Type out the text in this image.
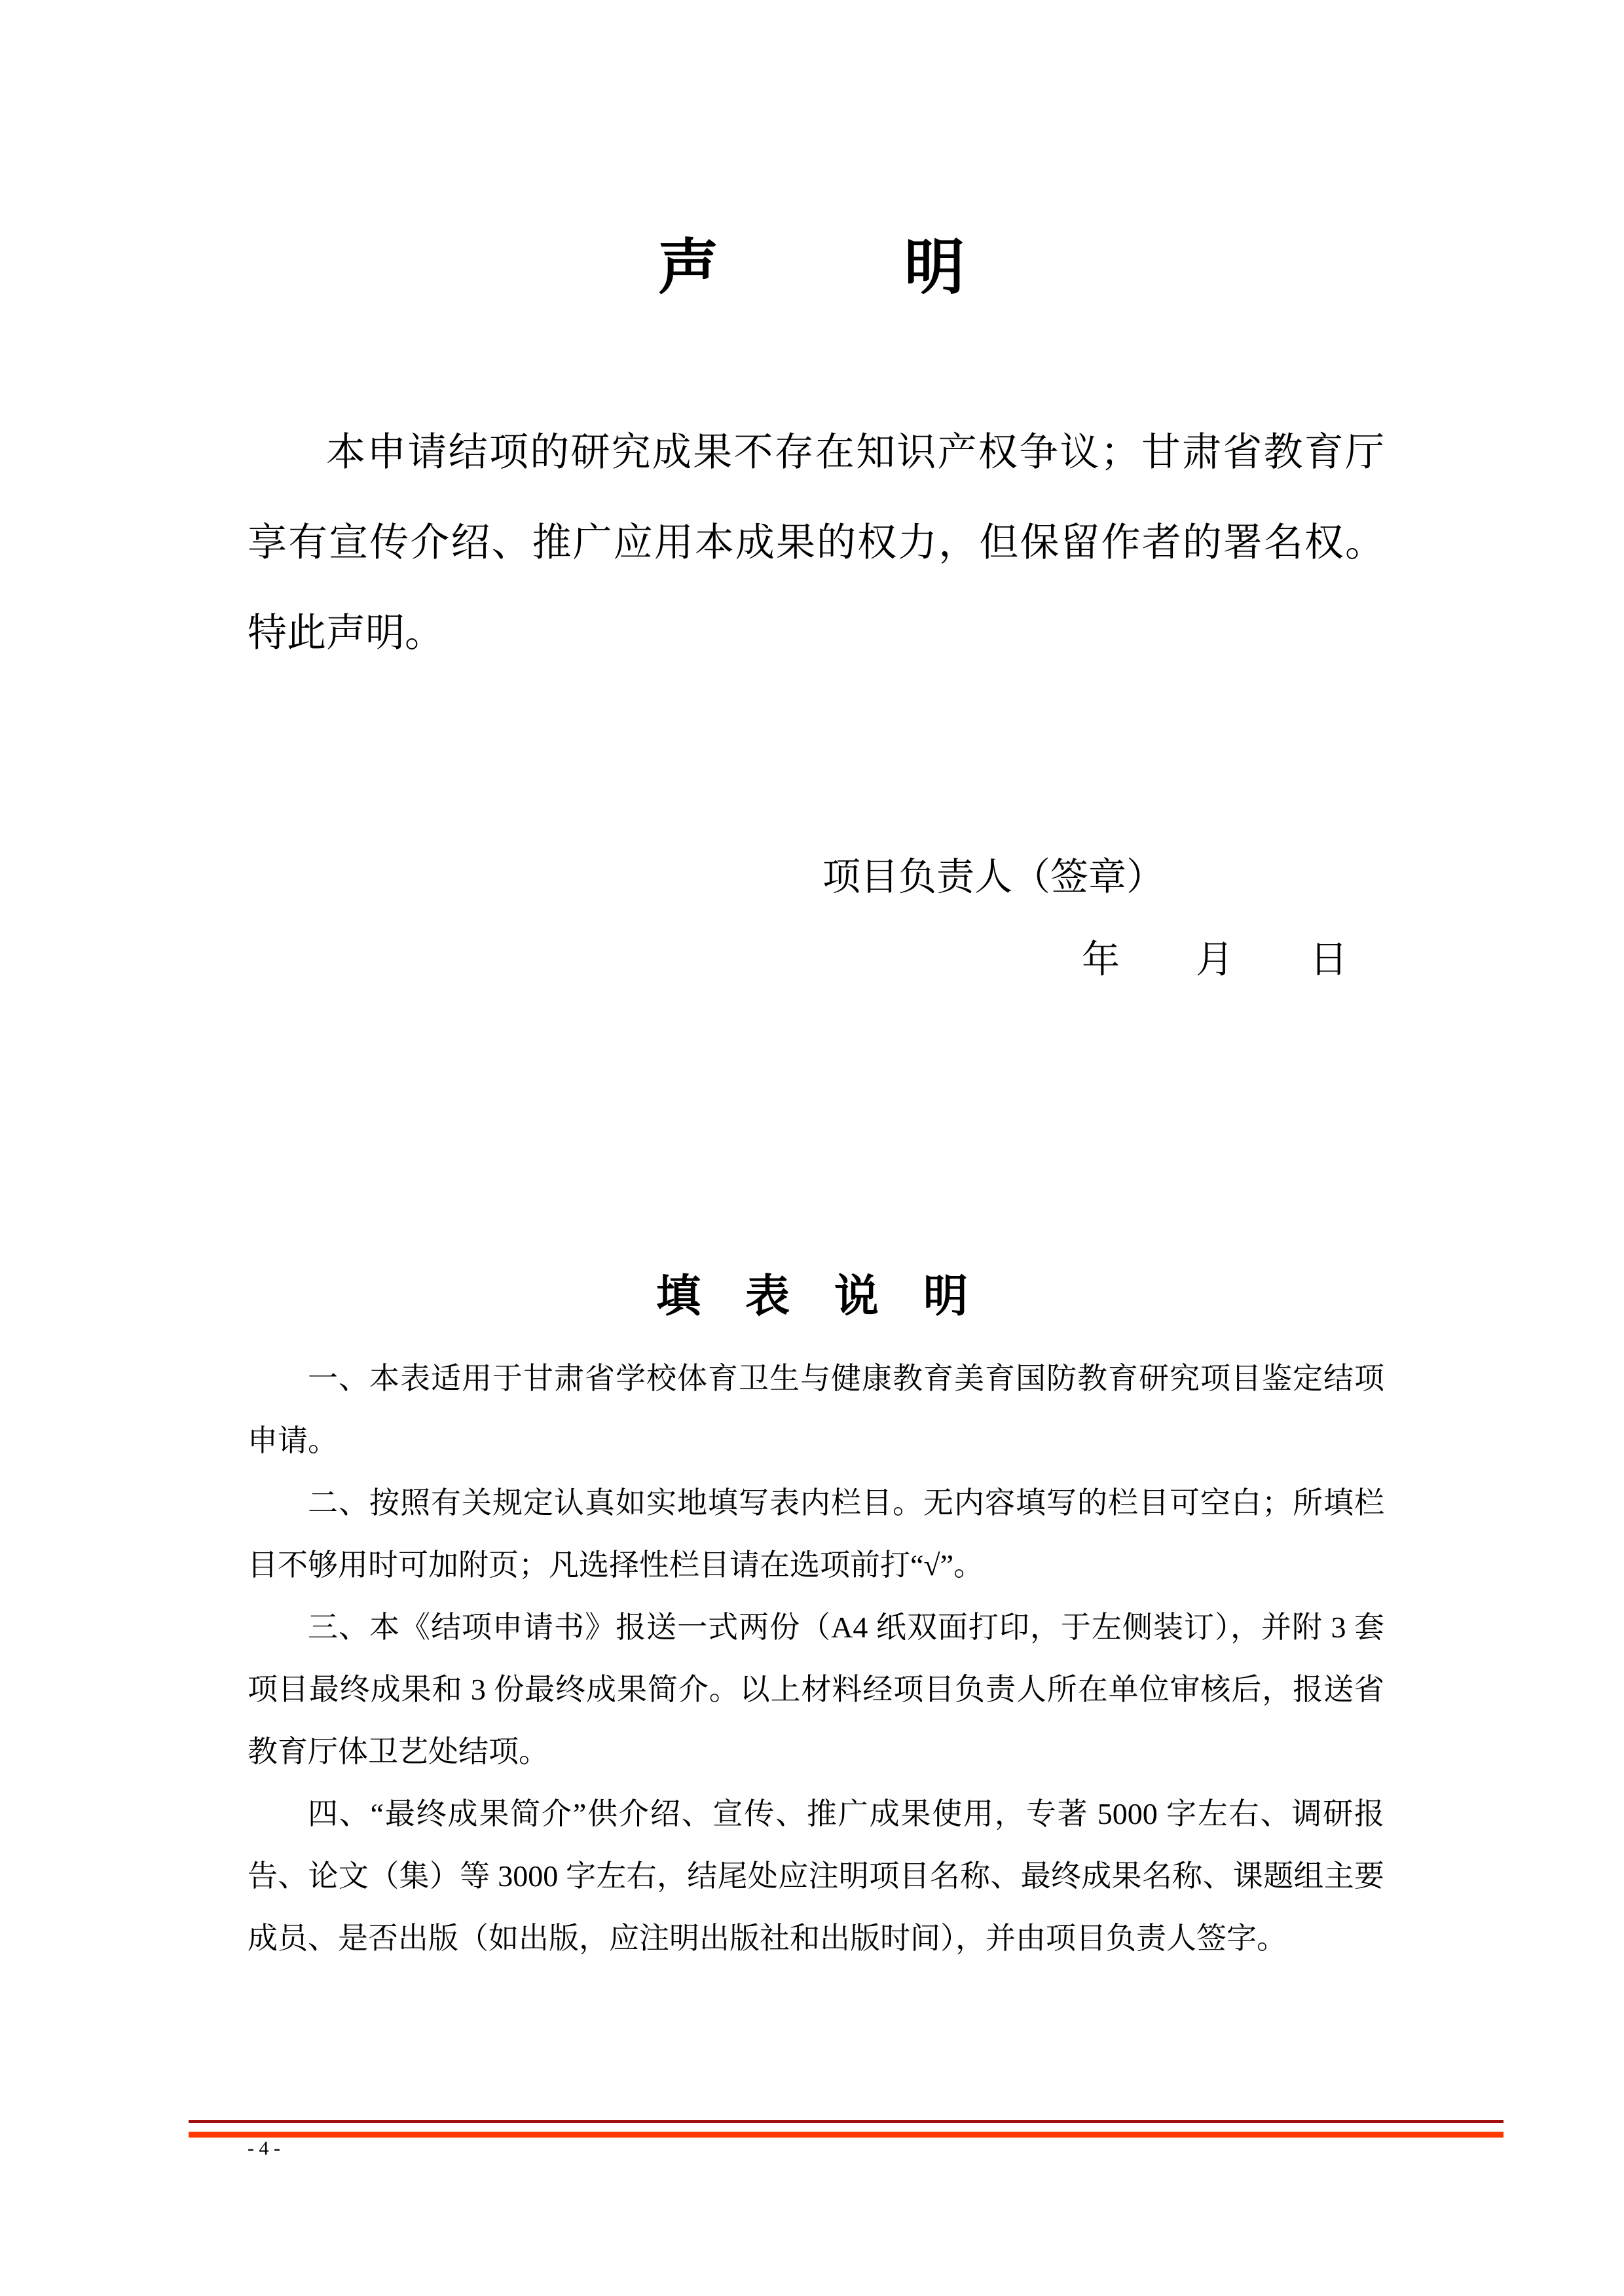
声　　　明
本申请结项的研究成果不存在知识产权争议；甘肃省教育厅享有宣传介绍、推广应用本成果的权力，但保留作者的署名权。特此声明。
项目负责人（签章）
年　　月　　日
填　表　说　明

一、本表适用于甘肃省学校体育卫生与健康教育美育国防教育研究项目鉴定结项申请。

二、按照有关规定认真如实地填写表内栏目。无内容填写的栏目可空白；所填栏目不够用时可加附页；凡选择性栏目请在选项前打“√”。

三、本《结项申请书》报送一式两份（A4 纸双面打印，于左侧装订），并附 3 套项目最终成果和 3 份最终成果简介。以上材料经项目负责人所在单位审核后，报送省教育厅体卫艺处结项。

四、“最终成果简介”供介绍、宣传、推广成果使用，专著 5000 字左右、调研报告、论文（集）等 3000 字左右，结尾处应注明项目名称、最终成果名称、课题组主要成员、是否出版（如出版，应注明出版社和出版时间），并由项目负责人签字。

- 4 -
